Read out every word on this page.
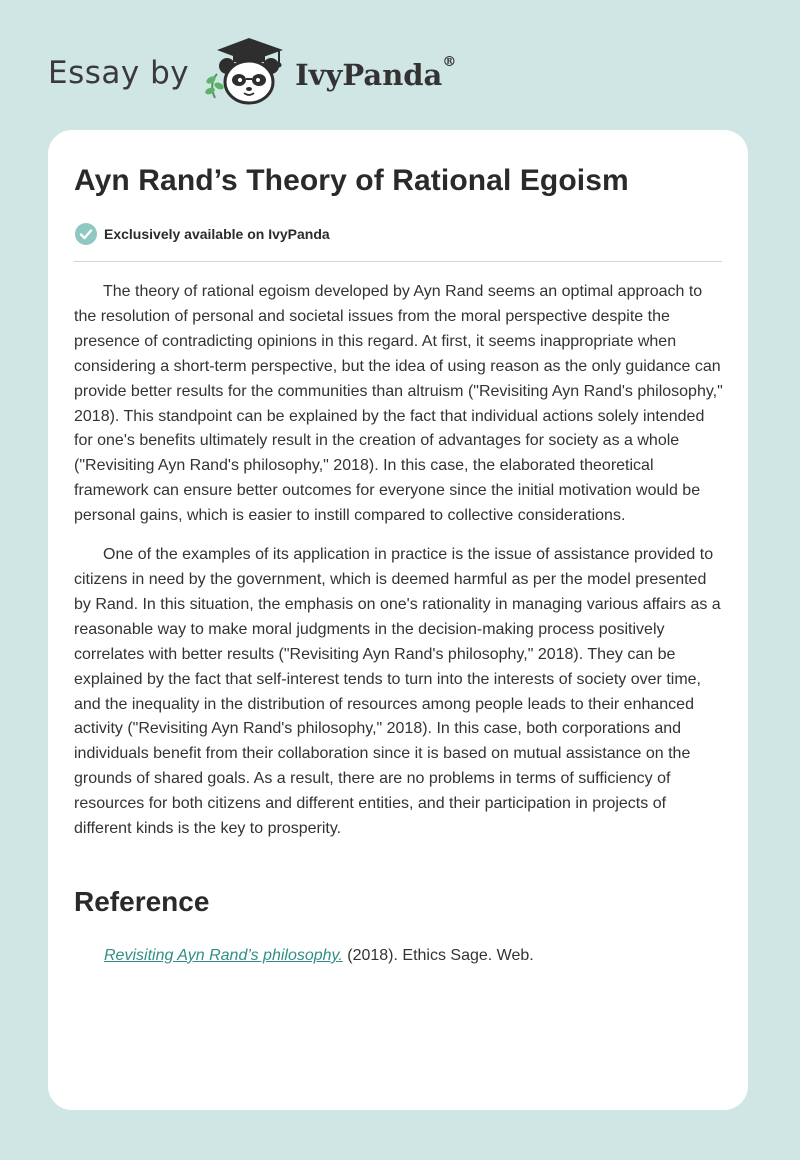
Essay by	IvyPanda®
Ayn Rand’s Theory of Rational Egoism
Exclusively available on IvyPanda

The theory of rational egoism developed by Ayn Rand seems an optimal approach to the resolution of personal and societal issues from the moral perspective despite the presence of contradicting opinions in this regard. At first, it seems inappropriate when considering a short-term perspective, but the idea of using reason as the only guidance can provide better results for the communities than altruism ("Revisiting Ayn Rand's philosophy," 2018). This standpoint can be explained by the fact that individual actions solely intended for one's benefits ultimately result in the creation of advantages for society as a whole ("Revisiting Ayn Rand's philosophy," 2018). In this case, the elaborated theoretical framework can ensure better outcomes for everyone since the initial motivation would be personal gains, which is easier to instill compared to collective considerations.

One of the examples of its application in practice is the issue of assistance provided to citizens in need by the government, which is deemed harmful as per the model presented by Rand. In this situation, the emphasis on one's rationality in managing various affairs as a reasonable way to make moral judgments in the decision-making process positively correlates with better results ("Revisiting Ayn Rand's philosophy," 2018). They can be explained by the fact that self-interest tends to turn into the interests of society over time, and the inequality in the distribution of resources among people leads to their enhanced activity ("Revisiting Ayn Rand's philosophy," 2018). In this case, both corporations and individuals benefit from their collaboration since it is based on mutual assistance on the grounds of shared goals. As a result, there are no problems in terms of sufficiency of resources for both citizens and different entities, and their participation in projects of different kinds is the key to prosperity.

Reference
Revisiting Ayn Rand’s philosophy. (2018). Ethics Sage. Web.
